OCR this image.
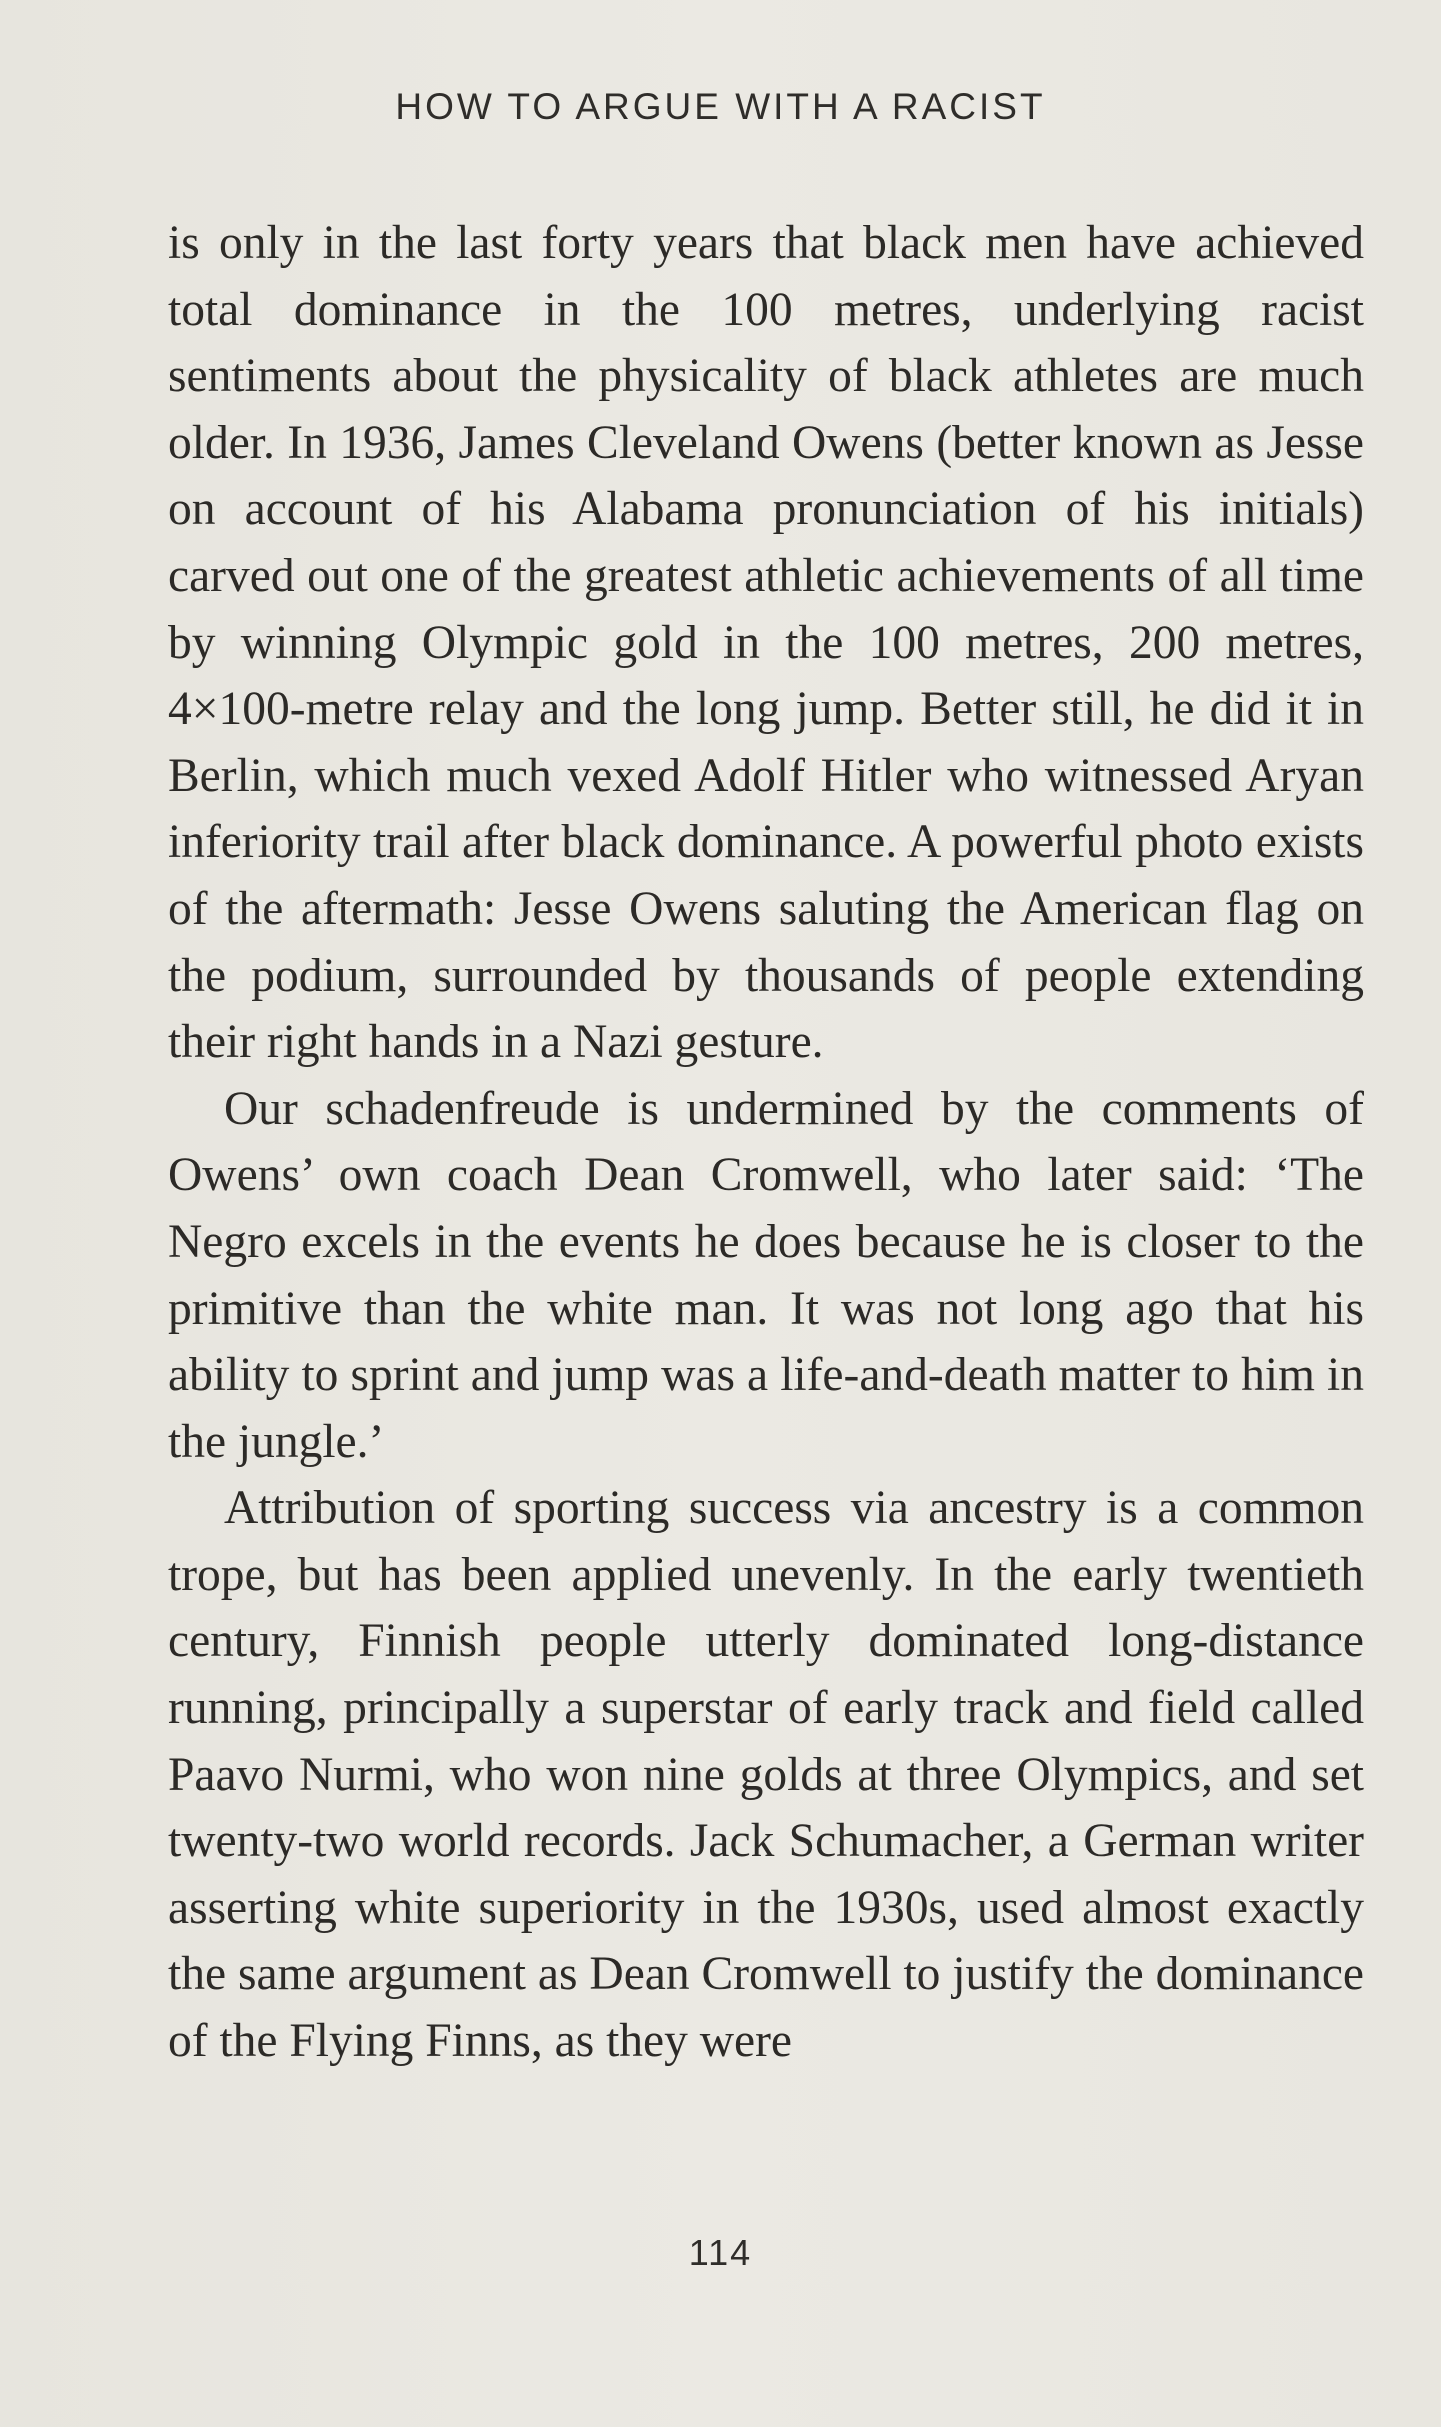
HOW TO ARGUE WITH A RACIST

is only in the last forty years that black men have achieved total dominance in the 100 metres, underlying racist sentiments about the physicality of black athletes are much older. In 1936, James Cleveland Owens (better known as Jesse on account of his Alabama pronunciation of his initials) carved out one of the greatest athletic achievements of all time by winning Olympic gold in the 100 metres, 200 metres, 4×100-metre relay and the long jump. Better still, he did it in Berlin, which much vexed Adolf Hitler who witnessed Aryan inferiority trail after black dominance. A powerful photo exists of the aftermath: Jesse Owens saluting the American flag on the podium, surrounded by thousands of people extending their right hands in a Nazi gesture.

Our schadenfreude is undermined by the comments of Owens’ own coach Dean Cromwell, who later said: ‘The Negro excels in the events he does because he is closer to the primitive than the white man. It was not long ago that his ability to sprint and jump was a life-and-death matter to him in the jungle.’

Attribution of sporting success via ancestry is a common trope, but has been applied unevenly. In the early twentieth century, Finnish people utterly dominated long-distance running, principally a superstar of early track and field called Paavo Nurmi, who won nine golds at three Olympics, and set twenty-two world records. Jack Schumacher, a German writer asserting white superiority in the 1930s, used almost exactly the same argument as Dean Cromwell to justify the dominance of the Flying Finns, as they were

114
